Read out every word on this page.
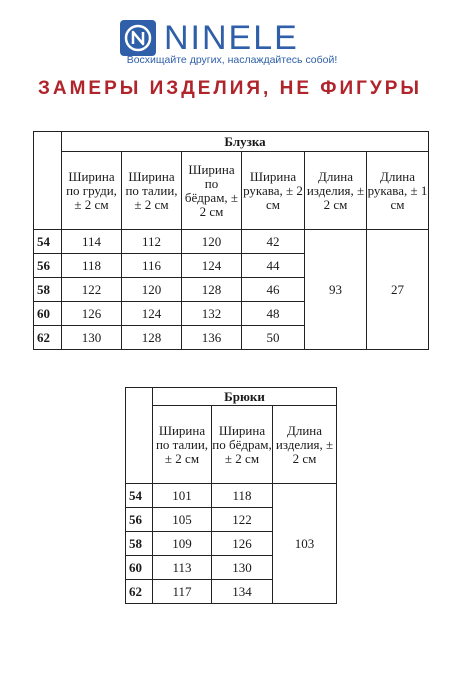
NINELE
Восхищайте других, наслаждайтесь собой!
ЗАМЕРЫ ИЗДЕЛИЯ, НЕ ФИГУРЫ
	Блузка					
	Ширина по груди, ± 2 см	Ширина по талии, ± 2 см	Ширина по бёдрам, ± 2 см	Ширина рукава, ± 2 см	Длина изделия, ± 2 см	Длина рукава, ± 1 см
54	114	112	120	42	93	27
56	118	116	124	44		
58	122	120	128	46		
60	126	124	132	48		
62	130	128	136	50		
	Брюки		
	Ширина по талии, ± 2 см	Ширина по бёдрам, ± 2 см	Длина изделия, ± 2 см
54	101	118	103
56	105	122	
58	109	126	
60	113	130	
62	117	134	
